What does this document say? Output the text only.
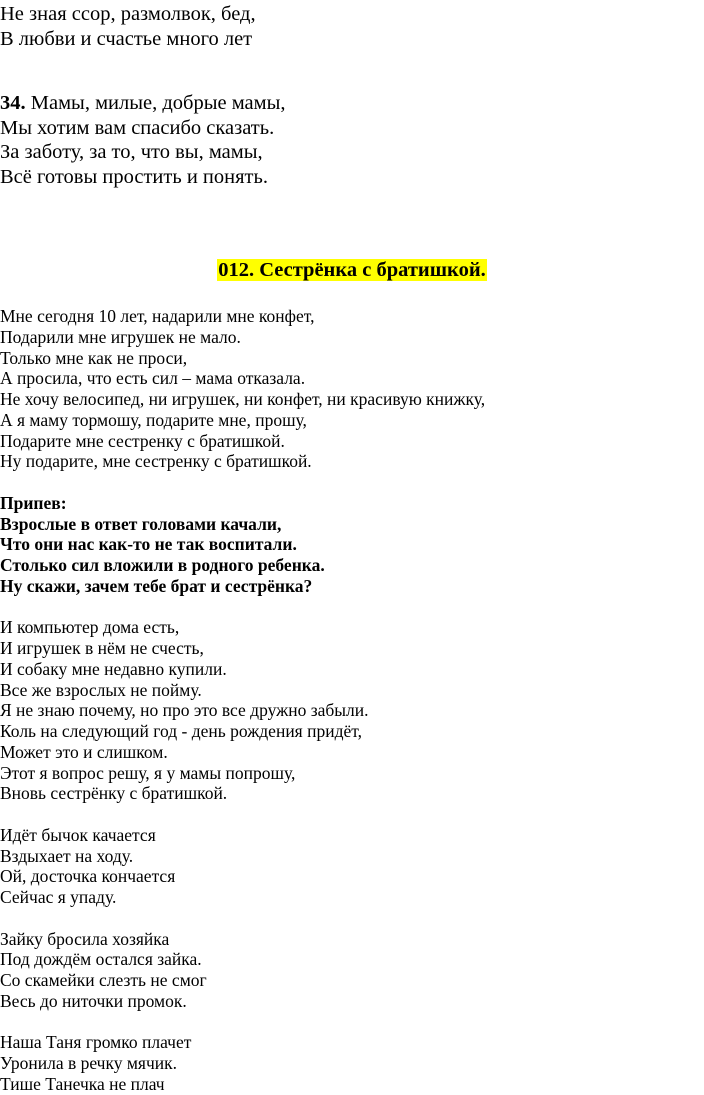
Не зная ссор, размолвок, бед,
В любви и счастье много лет
34. Мамы, милые, добрые мамы,
Мы хотим вам спасибо сказать.
За заботу, за то, что вы, мамы,
Всё готовы простить и понять.
012. Сестрёнка с братишкой.
Мне сегодня 10 лет, надарили мне конфет,
Подарили мне игрушек не мало.
Только мне как не проси,
А просила, что есть сил – мама отказала.
Не хочу велосипед, ни игрушек, ни конфет, ни красивую книжку,
А я маму тормошу, подарите мне, прошу,
Подарите мне сестренку с братишкой.
Ну подарите, мне сестренку с братишкой.
Припев:
Взрослые в ответ головами качали,
Что они нас как-то не так воспитали.
Столько сил вложили в родного ребенка.
Ну скажи, зачем тебе брат и сестрёнка?
И компьютер дома есть,
И игрушек в нём не счесть,
И собаку мне недавно купили.
Все же взрослых не пойму.
Я не знаю почему, но про это все дружно забыли.
Коль на следующий год - день рождения придёт,
Может это и слишком.
Этот я вопрос решу, я у мамы попрошу,
Вновь сестрёнку с братишкой.
Идёт бычок качается
Вздыхает на ходу.
Ой, досточка кончается
Сейчас я упаду.
Зайку бросила хозяйка
Под дождём остался зайка.
Со скамейки слезть не смог
Весь до ниточки промок.
Наша Таня громко плачет
Уронила в речку мячик.
Тише Танечка не плач
